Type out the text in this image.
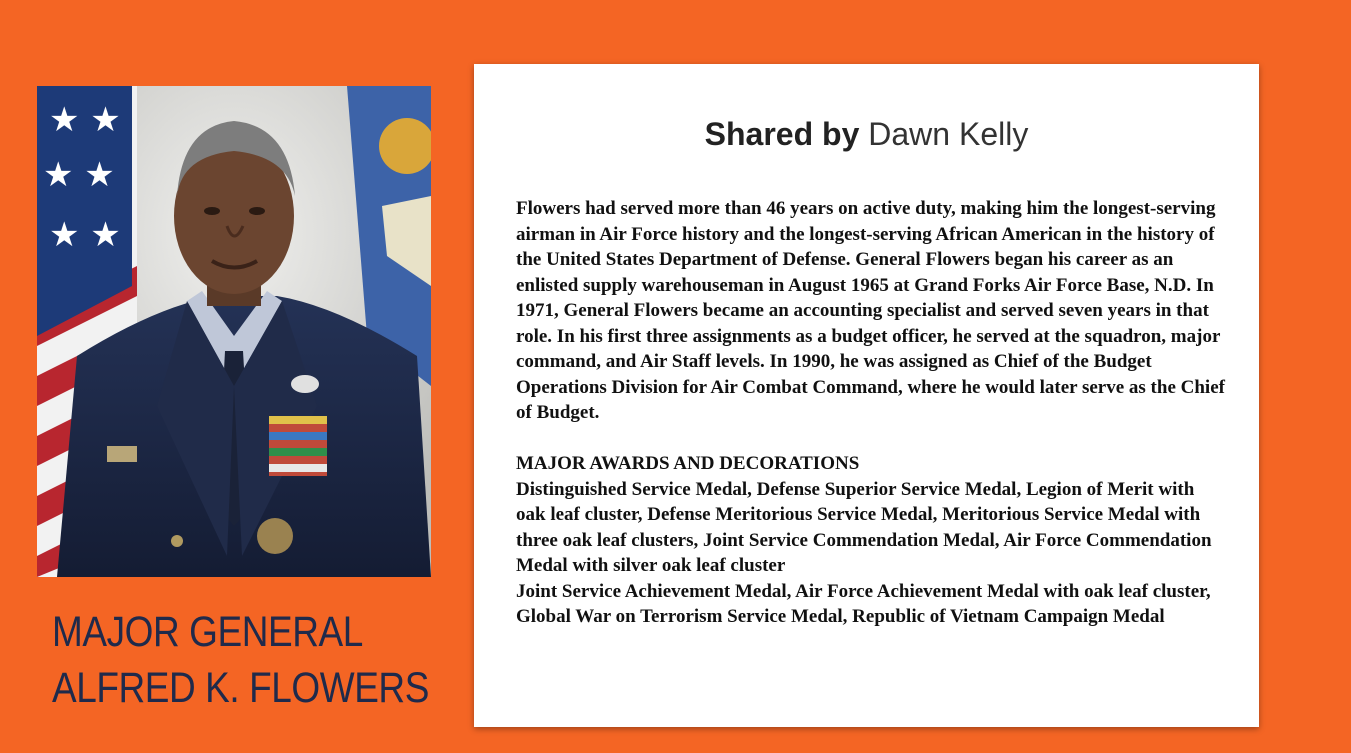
★ ★
★ ★
★ ★
MAJOR GENERAL
ALFRED K. FLOWERS
Shared by Dawn Kelly

Flowers had served more than 46 years on active duty, making him the longest-serving airman in Air Force history and the longest-serving African American in the history of the United States Department of Defense. General Flowers began his career as an enlisted supply warehouseman in August 1965 at Grand Forks Air Force Base, N.D. In 1971, General Flowers became an accounting specialist and served seven years in that role. In his first three assignments as a budget officer, he served at the squadron, major command, and Air Staff levels. In 1990, he was assigned as Chief of the Budget Operations Division for Air Combat Command, where he would later serve as the Chief of Budget.

MAJOR AWARDS AND DECORATIONS

Distinguished Service Medal, Defense Superior Service Medal, Legion of Merit with oak leaf cluster, Defense Meritorious Service Medal, Meritorious Service Medal with three oak leaf clusters, Joint Service Commendation Medal, Air Force Commendation Medal with silver oak leaf cluster

Joint Service Achievement Medal, Air Force Achievement Medal with oak leaf cluster, Global War on Terrorism Service Medal, Republic of Vietnam Campaign Medal
